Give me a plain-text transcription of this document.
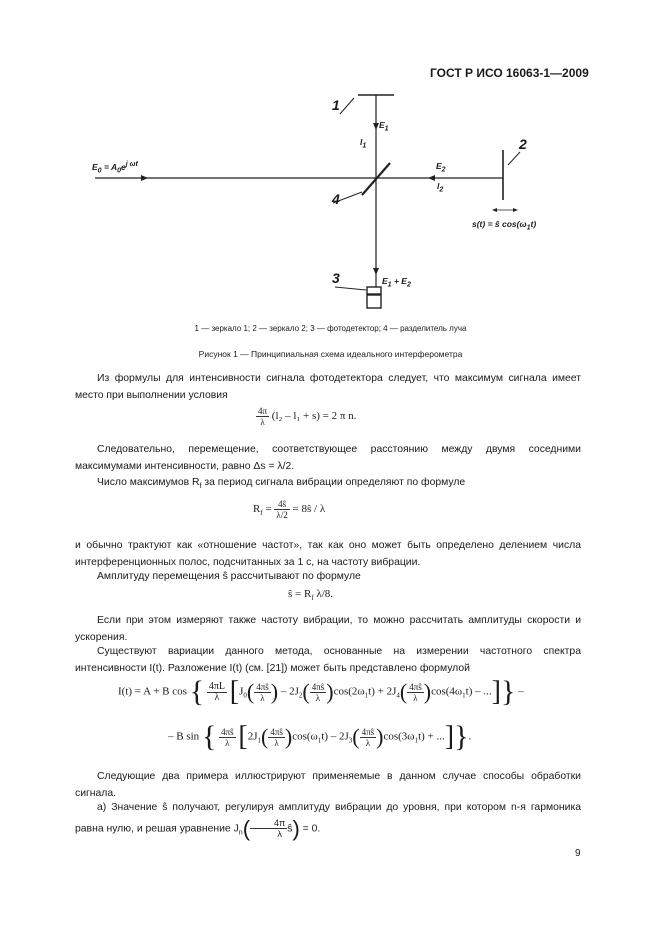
ГОСТ Р ИСО 16063-1—2009
1
2
3
4
$E_0 = A_0e^{j \omega t}$
$E_1$
$l_1$
$E_2$
$l_2$
s(t) = ŝ $\cos(\omega_1t)$
$E_1 + E_2$
1 — зеркало 1; 2 — зеркало 2; 3 — фотодетектор; 4 — разделитель луча
Рисунок 1 — Принципиальная схема идеального интерферометра
Из формулы для интенсивности сигнала фотодетектора следует, что максимум сигнала имеет место при выполнении условия
$\frac{4\pi}{\lambda} (l_2 - l_1 + s) = 2$ π n.
Следовательно, перемещение, соответствующее расстоянию между двумя соседними максимумами интенсивности, равно Δs = λ/2.
Число максимумов $R_f$ за период сигнала вибрации определяют по формуле
$R_f = \frac{4ŝ}{\lambda/2}$ = 8ŝ / λ
и обычно трактуют как «отношение частот», так как оно может быть определено делением числа интерференционных полос, подсчитанных за 1 с, на частоту вибрации.
Амплитуду перемещения ŝ рассчитывают по формуле
ŝ = $R_f$ λ/8.
Если при этом измеряют также частоту вибрации, то можно рассчитать амплитуды скорости и ускорения.
Существуют вариации данного метода, основанные на измерении частотного спектра интенсивности I(t). Разложение I(t) (см. [21]) может быть представлено формулой
I(t) = A + B cos { $\frac{4\pi L}{\lambda} [J_0( \frac{4\pi ŝ}{\lambda}$ ) – $2J_2( \frac{4\pi ŝ}{\lambda} )\cos(2\omega_1t) + 2J_4( \frac{4\pi ŝ}{\lambda} )\cos(4\omega_1t)$ – ...]} –
– B sin { $\frac{4\pi ŝ}{\lambda} [2J_1( \frac{4\pi ŝ}{\lambda} )\cos(\omega_1t) - 2J_3( \frac{4\pi ŝ}{\lambda} )\cos(3\omega_1t)$ + ...]}.
Следующие два примера иллюстрируют применяемые в данном случае способы обработки сигнала.
а) Значение ŝ получают, регулируя амплитуду вибрации до уровня, при котором n-я гармоника равна нулю, и решая уравнение $J_n( \frac{4\pi}{\lambda}$ ŝ) = 0.
9
